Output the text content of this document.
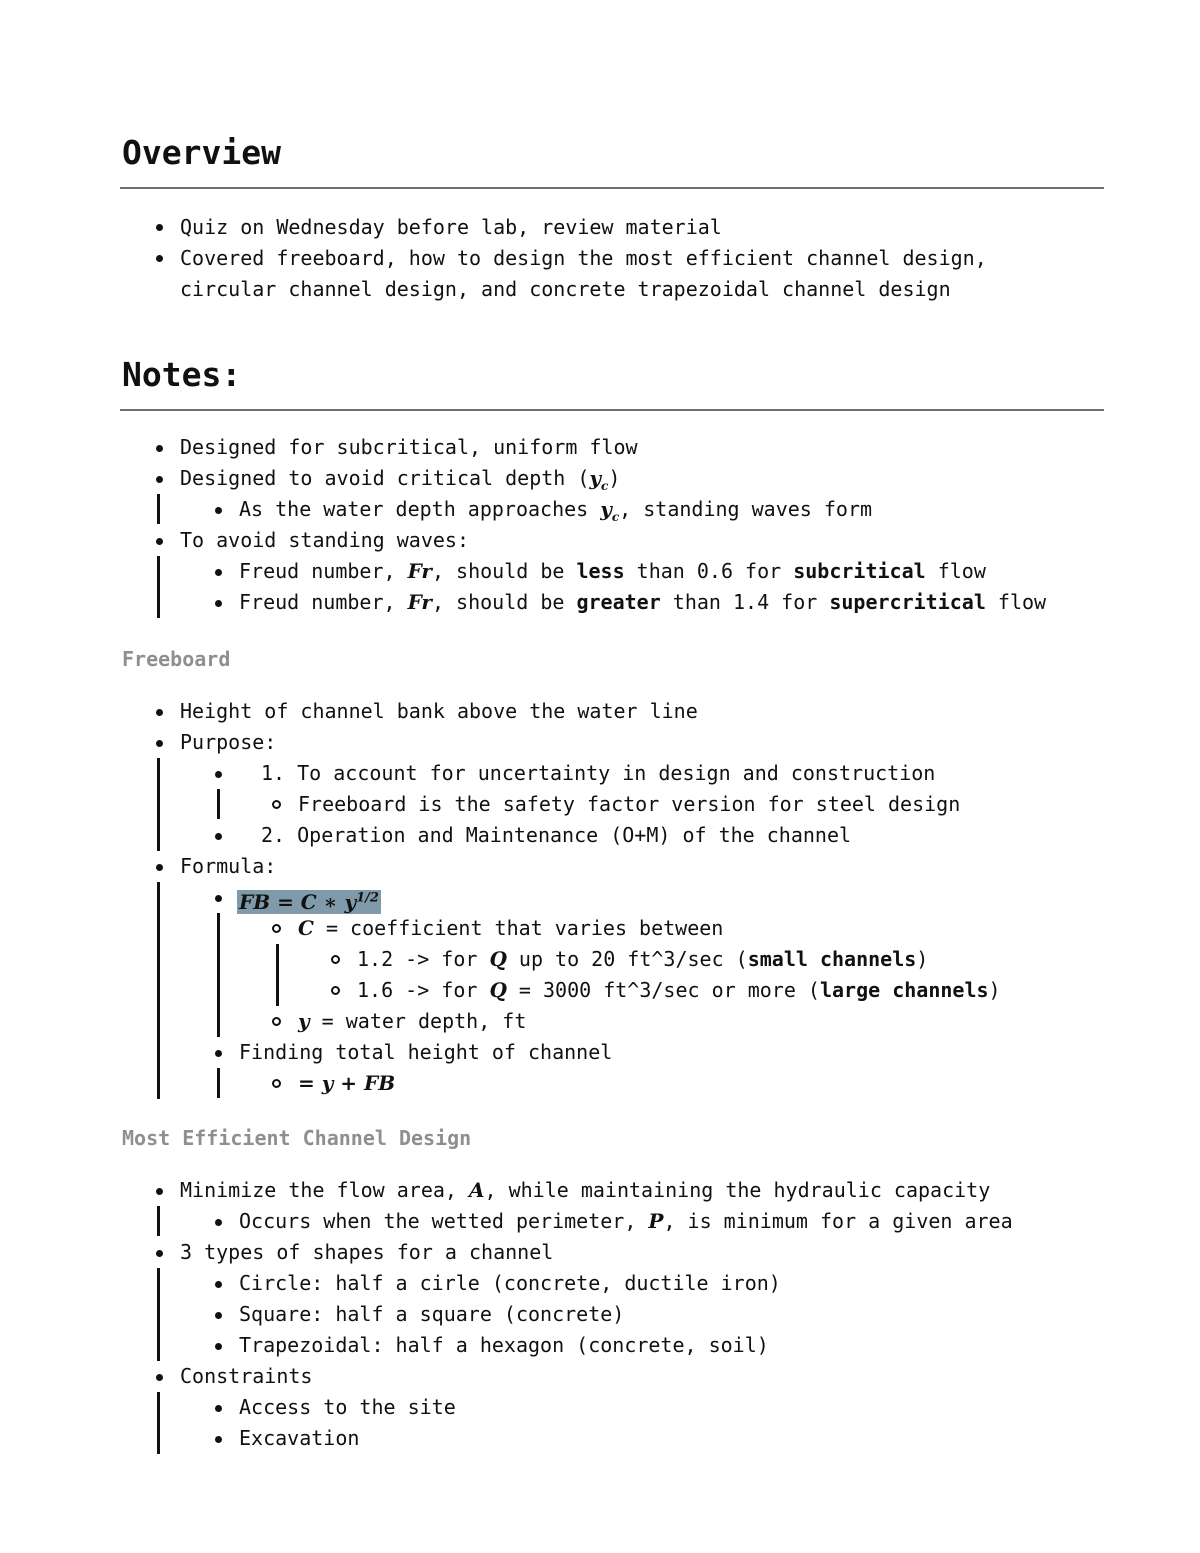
Overview
Quiz on Wednesday before lab, review material
Covered freeboard, how to design the most efficient channel design,
circular channel design, and concrete trapezoidal channel design
Notes:
Designed for subcritical, uniform flow
Designed to avoid critical depth $(y_c)$
As the water depth approaches $y_c$, standing waves form
To avoid standing waves:
Freud number, Fr, should be less than 0.6 for subcritical flow
Freud number, Fr, should be greater than 1.4 for supercritical flow
Freeboard
Height of channel bank above the water line
Purpose:
1. To account for uncertainty in design and construction
Freeboard is the safety factor version for steel design
2. Operation and Maintenance (O+M) of the channel
Formula:
FB = C ∗ $y^{1/2}$
C = coefficient that varies between
1.2 -> for Q up to 20 ft^3/sec (small channels)
1.6 -> for Q = 3000 ft^3/sec or more (large channels)
y = water depth, ft
Finding total height of channel
= y + FB
Most Efficient Channel Design
Minimize the flow area, A, while maintaining the hydraulic capacity
Occurs when the wetted perimeter, P, is minimum for a given area
3 types of shapes for a channel
Circle: half a cirle (concrete, ductile iron)
Square: half a square (concrete)
Trapezoidal: half a hexagon (concrete, soil)
Constraints
Access to the site
Excavation
